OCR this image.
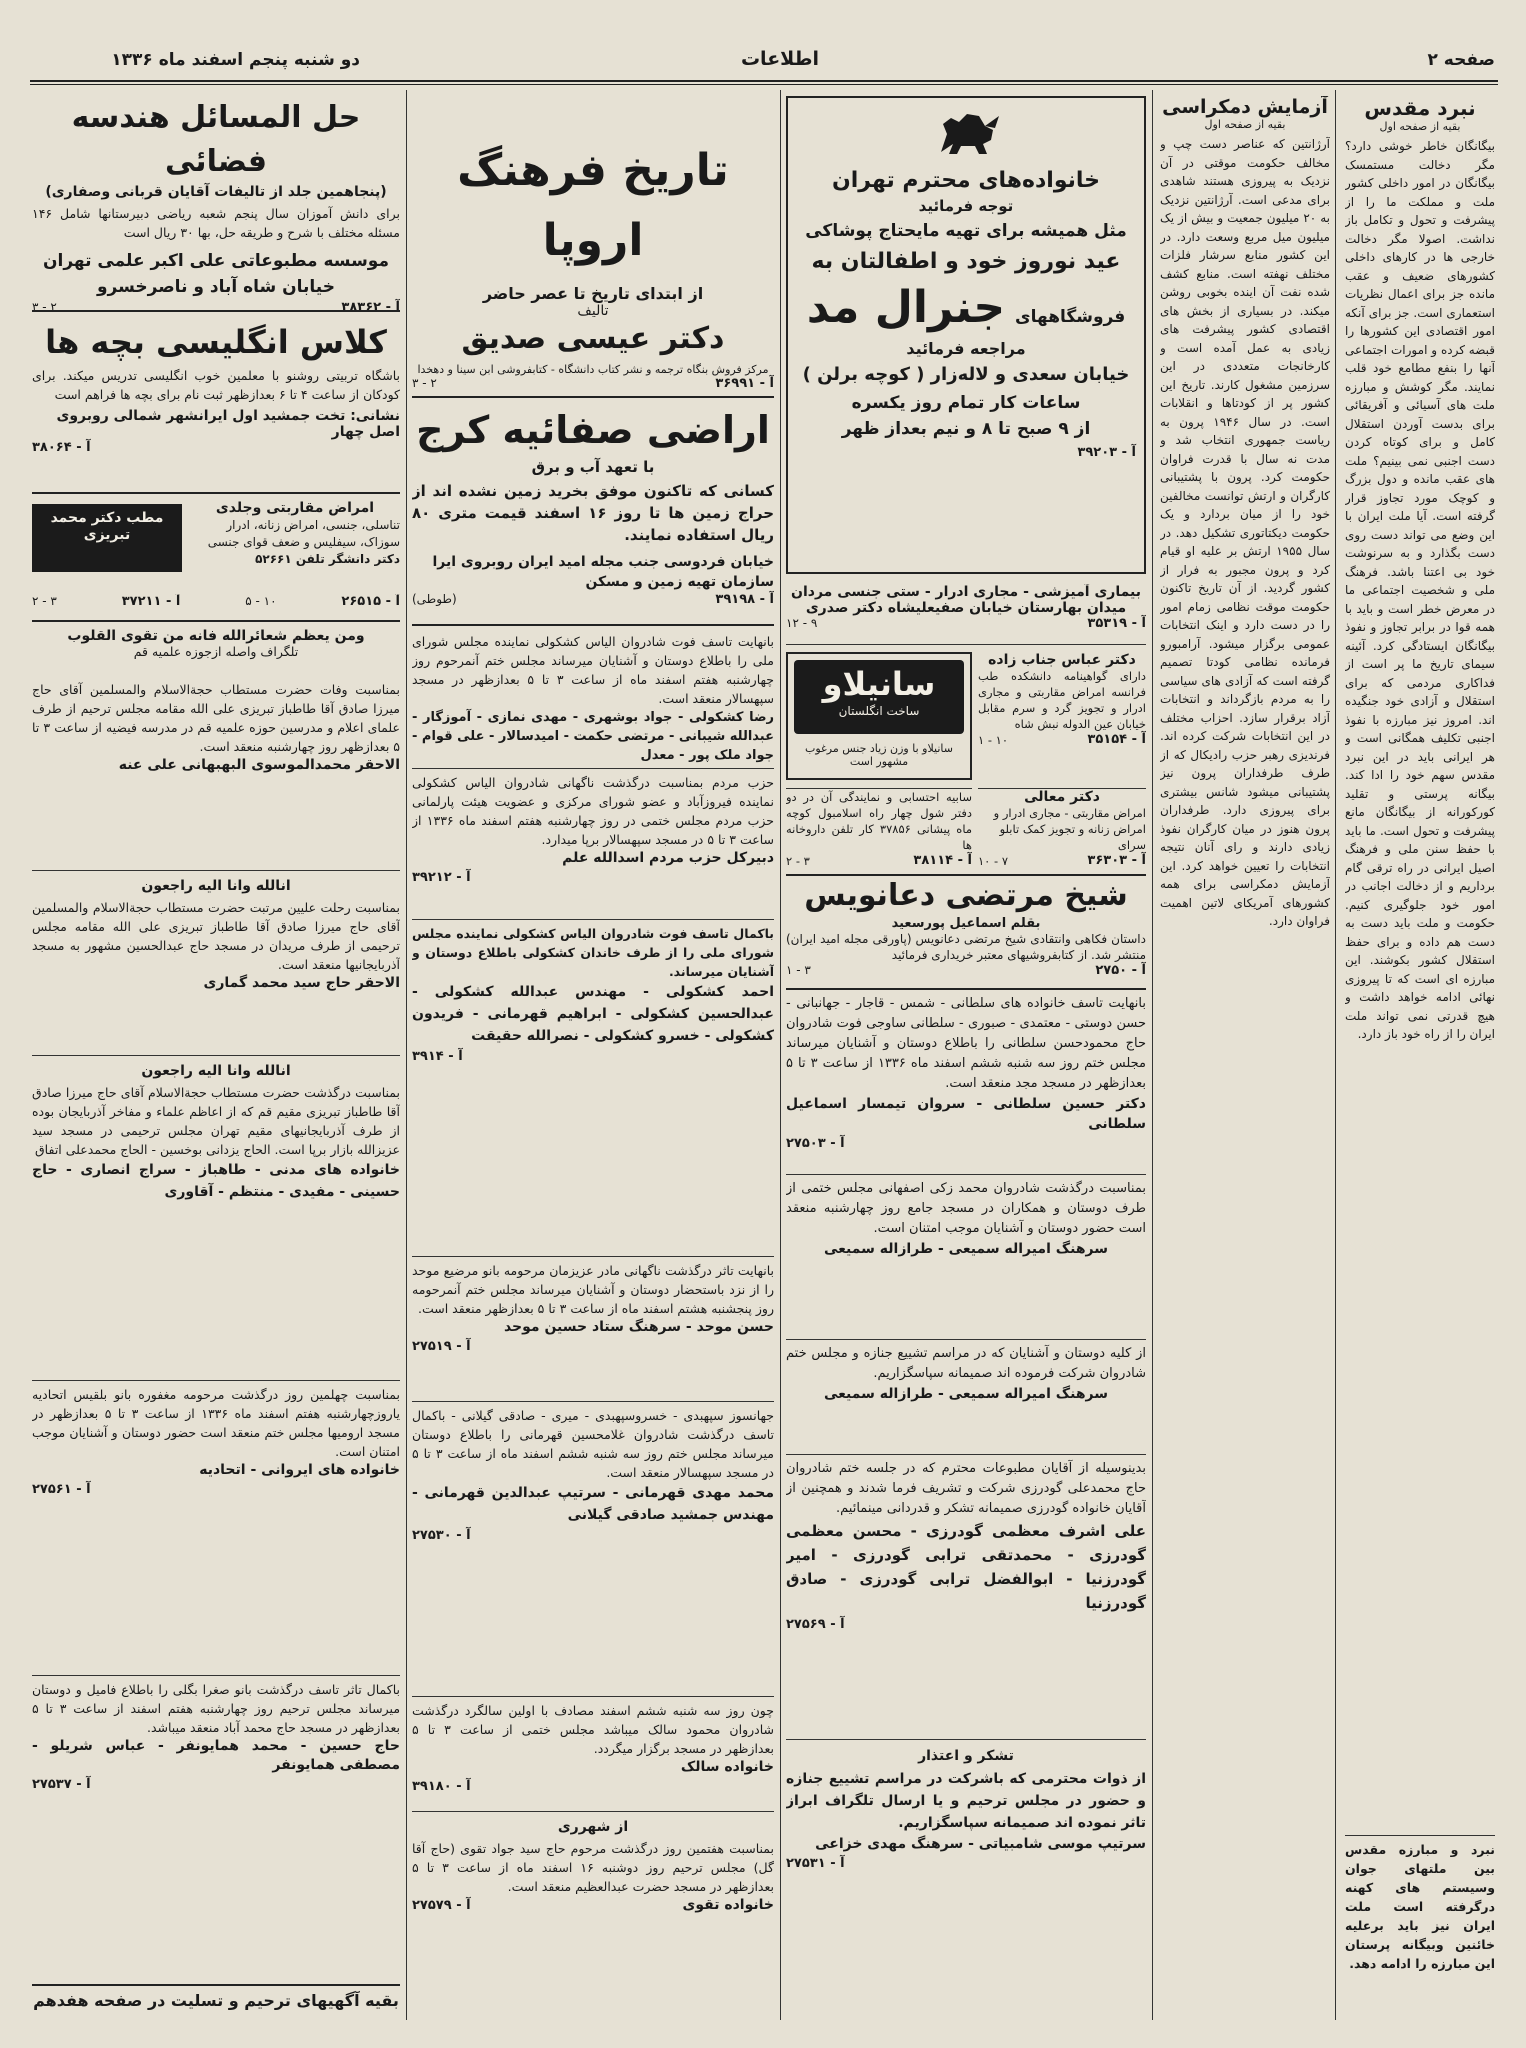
صفحه ۲
اطلاعات
دو شنبه پنجم اسفند ماه ۱۳۳۶
نبرد مقدس
بقیه از صفحه اول
بیگانگان خاطر خوشی دارد؟ مگر دخالت مستمسک بیگانگان در امور داخلی کشور ملت و مملکت ما را از پیشرفت و تحول و تکامل باز نداشت. اصولا مگر دخالت خارجی ها در کارهای داخلی کشورهای ضعیف و عقب مانده جز برای اعمال نظریات استعماری است. جز برای آنکه امور اقتصادی این کشورها را قبضه کرده و امورات اجتماعی آنها را بنفع مطامع خود قلب نمایند. مگر کوشش و مبارزه ملت های آسیائی و آفریقائی برای بدست آوردن استقلال کامل و برای کوتاه کردن دست اجنبی نمی بینیم؟ ملت های عقب مانده و دول بزرگ و کوچک مورد تجاوز قرار گرفته است. آیا ملت ایران با این وضع می تواند دست روی دست بگذارد و به سرنوشت خود بی اعتنا باشد. فرهنگ ملی و شخصیت اجتماعی ما در معرض خطر است و باید با همه قوا در برابر تجاوز و نفوذ بیگانگان ایستادگی کرد. آئینه سیمای تاریخ ما پر است از فداکاری مردمی که برای استقلال و آزادی خود جنگیده اند. امروز نیز مبارزه با نفوذ اجنبی تکلیف همگانی است و هر ایرانی باید در این نبرد مقدس سهم خود را ادا کند. بیگانه پرستی و تقلید کورکورانه از بیگانگان مانع پیشرفت و تحول است. ما باید با حفظ سنن ملی و فرهنگ اصیل ایرانی در راه ترقی گام برداریم و از دخالت اجانب در امور خود جلوگیری کنیم. حکومت و ملت باید دست به دست هم داده و برای حفظ استقلال کشور بکوشند. این مبارزه ای است که تا پیروزی نهائی ادامه خواهد داشت و هیچ قدرتی نمی تواند ملت ایران را از راه خود باز دارد.
نبرد و مبارزه مقدس بین ملتهای جوان وسیستم های کهنه درگرفته است ملت ایران نیز باید برعلیه خائنین وبیگانه پرستان این مبارزه را ادامه دهد.
آزمایش دمکراسی
بقیه از صفحه اول
آرژانتین که عناصر دست چپ و مخالف حکومت موقتی در آن نزدیک به پیروزی هستند شاهدی برای مدعی است. آرژانتین نزدیک به ۲۰ میلیون جمعیت و بیش از یک میلیون میل مربع وسعت دارد. در این کشور منابع سرشار فلزات مختلف نهفته است. منابع کشف شده نفت آن اینده بخوبی روشن میکند. در بسیاری از بخش های اقتصادی کشور پیشرفت های زیادی به عمل آمده است و کارخانجات متعددی در این سرزمین مشغول کارند. تاریخ این کشور پر از کودتاها و انقلابات است. در سال ۱۹۴۶ پرون به ریاست جمهوری انتخاب شد و مدت نه سال با قدرت فراوان حکومت کرد. پرون با پشتیبانی کارگران و ارتش توانست مخالفین خود را از میان بردارد و یک حکومت دیکتاتوری تشکیل دهد. در سال ۱۹۵۵ ارتش بر علیه او قیام کرد و پرون مجبور به فرار از کشور گردید. از آن تاریخ تاکنون حکومت موقت نظامی زمام امور را در دست دارد و اینک انتخابات عمومی برگزار میشود. آرامبورو فرمانده نظامی کودتا تصمیم گرفته است که آزادی های سیاسی را به مردم بازگرداند و انتخابات آزاد برقرار سازد. احزاب مختلف در این انتخابات شرکت کرده اند. فرندیزی رهبر حزب رادیکال که از طرف طرفداران پرون نیز پشتیبانی میشود شانس بیشتری برای پیروزی دارد. طرفداران پرون هنوز در میان کارگران نفوذ زیادی دارند و رای آنان نتیجه انتخابات را تعیین خواهد کرد. این آزمایش دمکراسی برای همه کشورهای آمریکای لاتین اهمیت فراوان دارد.
خانواده‌های محترم تهران
توجه فرمائید
مثل همیشه برای تهیه مایحتاج پوشاکی
عید نوروز خود و اطفالتان به
فروشگاههای
جنرال مد
مراجعه فرمائید
خیابان سعدی و لاله‌زار ( کوچه برلن )
ساعات کار تمام روز یکسره
از ۹ صبح تا ۸ و نیم بعداز ظهر
آ - ۳۹۲۰۳
بیماری آمیزشی - مجاری ادرار - ستی جنسی مردان
میدان بهارستان خیابان صفیعلیشاه دکتر صدری
آ - ۳۵۳۱۹
۹ - ۱۲
سانیلاو
ساخت انگلستان
سانیلاو با وزن زیاد جنس مرغوب مشهور است
دکتر عباس جناب زاده
دارای گواهینامه دانشکده طب فرانسه امراض مقاربتی و مجاری ادرار و تجویز گرد و سرم مقابل خیابان عین الدوله نبش شاه
آ - ۳۵۱۵۴
۱۰ - ۱
سابیه احتسابی و نمایندگی آن در دو دفتر شول چهار راه اسلامبول کوچه ماه پیشانی ۳۷۸۵۶ کار تلفن داروخانه ها
آ - ۳۸۱۱۴
۳ - ۲
دکتر معالی
امراض مقاربتی - مجاری ادرار و امراض زنانه و تجویز کمک تابلو سرای
آ - ۳۶۳۰۳
۷ - ۱۰
شیخ مرتضی دعانویس
بقلم اسماعیل پورسعید
داستان فکاهی وانتقادی شیخ مرتضی دعانویس (پاورقی مجله امید ایران) منتشر شد. از کتابفروشیهای معتبر خریداری فرمائید
آ - ۲۷۵۰
۳ - ۱
بانهایت تاسف خانواده های سلطانی - شمس - قاجار - جهانبانی - حسن دوستی - معتمدی - صبوری - سلطانی ساوجی فوت شادروان حاج محمودحسن سلطانی را باطلاع دوستان و آشنایان میرساند مجلس ختم روز سه شنبه ششم اسفند ماه ۱۳۳۶ از ساعت ۳ تا ۵ بعدازظهر در مسجد مجد منعقد است.
دکتر حسین سلطانی - سروان تیمسار اسماعیل سلطانی
آ - ۲۷۵۰۳
بمناسبت درگذشت شادروان محمد زکی اصفهانی مجلس ختمی از طرف دوستان و همکاران در مسجد جامع روز چهارشنبه منعقد است حضور دوستان و آشنایان موجب امتنان است.
سرهنگ امیراله سمیعی - طرازاله سمیعی
از کلیه دوستان و آشنایان که در مراسم تشییع جنازه و مجلس ختم شادروان شرکت فرموده اند صمیمانه سپاسگزاریم.
سرهنگ امیراله سمیعی - طرازاله سمیعی
بدینوسیله از آقایان مطبوعات محترم که در جلسه ختم شادروان حاج محمدعلی گودرزی شرکت و تشریف فرما شدند و همچنین از آقایان خانواده گودرزی صمیمانه تشکر و قدردانی مینمائیم.
علی اشرف معظمی گودرزی - محسن معظمی گودرزی - محمدتقی ترابی گودرزی - امیر گودرزنیا - ابوالفضل ترابی گودرزی - صادق گودرزنیا
آ - ۲۷۵۶۹
تشکر و اعتذار
از ذوات محترمی که باشرکت در مراسم تشییع جنازه و حضور در مجلس ترحیم و یا ارسال تلگراف ابراز تاثر نموده اند صمیمانه سپاسگزاریم.
سرتیپ موسی شامبیاتی - سرهنگ مهدی خزاعی
آ - ۲۷۵۳۱
تاریخ فرهنگ اروپا
از ابتدای تاریخ تا عصر حاضر
تالیف
دکتر عیسی صدیق
مرکز فروش بنگاه ترجمه و نشر کتاب دانشگاه - کتابفروشی ابن سینا و دهخدا
آ - ۳۶۹۹۱
۲ - ۳
اراضی صفائیه کرج
با تعهد آب و برق
کسانی که تاکنون موفق بخرید زمین نشده اند از حراج زمین ها تا روز ۱۶ اسفند قیمت متری ۸۰ ریال استفاده نمایند.
خیابان فردوسی جنب مجله امید ایران روبروی ایرا سازمان تهیه زمین و مسکن
آ - ۳۹۱۹۸
(طوطی)
بانهایت تاسف فوت شادروان الیاس کشکولی نماینده مجلس شورای ملی را باطلاع دوستان و آشنایان میرساند مجلس ختم آنمرحوم روز چهارشنبه هفتم اسفند ماه از ساعت ۳ تا ۵ بعدازظهر در مسجد سپهسالار منعقد است.
رضا کشکولی - جواد بوشهری - مهدی نمازی - آموزگار - عبدالله شیبانی - مرتضی حکمت - امیدسالار - علی قوام - جواد ملک پور - معدل
حزب مردم بمناسبت درگذشت ناگهانی شادروان الیاس کشکولی نماینده فیروزآباد و عضو شورای مرکزی و عضویت هیئت پارلمانی حزب مردم مجلس ختمی در روز چهارشنبه هفتم اسفند ماه ۱۳۳۶ از ساعت ۳ تا ۵ در مسجد سپهسالار برپا میدارد.
دبیرکل حزب مردم اسدالله علم
آ - ۳۹۲۱۲
باکمال تاسف فوت شادروان الیاس کشکولی نماینده مجلس شورای ملی را از طرف خاندان کشکولی باطلاع دوستان و آشنایان میرساند.
احمد کشکولی - مهندس عبدالله کشکولی - عبدالحسین کشکولی - ابراهیم قهرمانی - فریدون کشکولی - خسرو کشکولی - نصرالله حقیقت
آ - ۳۹۱۴
بانهایت تاثر درگذشت ناگهانی مادر عزیزمان مرحومه بانو مرضیع موحد را از نزد باستحضار دوستان و آشنایان میرساند مجلس ختم آنمرحومه روز پنجشنبه هشتم اسفند ماه از ساعت ۳ تا ۵ بعدازظهر منعقد است.
حسن موحد - سرهنگ ستاد حسین موحد
آ - ۲۷۵۱۹
جهانسوز سپهبدی - خسروسپهبدی - میری - صادقی گیلانی - باکمال تاسف درگذشت شادروان غلامحسین قهرمانی را باطلاع دوستان میرساند مجلس ختم روز سه شنبه ششم اسفند ماه از ساعت ۳ تا ۵ در مسجد سپهسالار منعقد است.
محمد مهدی قهرمانی - سرتیپ عبدالدین قهرمانی - مهندس جمشید صادقی گیلانی
آ - ۲۷۵۳۰
چون روز سه شنبه ششم اسفند مصادف با اولین سالگرد درگذشت شادروان محمود سالک میباشد مجلس ختمی از ساعت ۳ تا ۵ بعدازظهر در مسجد برگزار میگردد.
خانواده سالک
آ - ۳۹۱۸۰
از شهرری
بمناسبت هفتمین روز درگذشت مرحوم حاج سید جواد تقوی (حاج آقا گل) مجلس ترحیم روز دوشنبه ۱۶ اسفند ماه از ساعت ۳ تا ۵ بعدازظهر در مسجد حضرت عبدالعظیم منعقد است.
خانواده تقوی
آ - ۲۷۵۷۹
حل المسائل هندسه فضائی
(پنجاهمین جلد از تالیفات آقایان قربانی وصفاری)
برای دانش آموزان سال پنجم شعبه ریاضی دبیرستانها شامل ۱۴۶ مسئله مختلف با شرح و طریقه حل، بها ۳۰ ریال است
موسسه مطبوعاتی علی اکبر علمی تهران خیابان شاه آباد و ناصرخسرو
آ - ۳۸۳۶۲
۲ - ۳
کلاس انگلیسی بچه ها
باشگاه تربیتی روشنو با معلمین خوب انگلیسی تدریس میکند. برای کودکان از ساعت ۴ تا ۶ بعدازظهر ثبت نام برای بچه ها فراهم است
نشانی: تخت جمشید اول ایرانشهر شمالی روبروی اصل چهار
آ - ۳۸۰۶۴
مطب دکتر محمد تبریزی
امراض مقاربتی وجلدی
تناسلی، جنسی، امراض زنانه، ادرار سوزاک، سیفلیس و ضعف قوای جنسی
دکتر دانشگر تلفن ۵۲۶۶۱
آ - ۲۶۵۱۵
۱۰ - ۵
آ - ۳۷۲۱۱
۳ - ۲
ومن یعظم شعائرالله فانه من تقوی القلوب
تلگراف واصله ازجوزه علمیه قم
بمناسبت وفات حضرت مستطاب حجةالاسلام والمسلمین آقای حاج میرزا صادق آقا طاطباز تبریزی علی الله مقامه مجلس ترحیم از طرف علمای اعلام و مدرسین حوزه علمیه قم در مدرسه فیضیه از ساعت ۳ تا ۵ بعدازظهر روز چهارشنبه منعقد است.
الاحقر محمدالموسوی البهبهانی علی عنه
انالله وانا الیه راجعون
بمناسبت رحلت علیین مرتبت حضرت مستطاب حجةالاسلام والمسلمین آقای حاج میرزا صادق آقا طاطباز تبریزی علی الله مقامه مجلس ترحیمی از طرف مریدان در مسجد حاج عبدالحسین مشهور به مسجد آذربایجانیها منعقد است.
الاحقر حاج سید محمد گماری
انالله وانا الیه راجعون
بمناسبت درگذشت حضرت مستطاب حجةالاسلام آقای حاج میرزا صادق آقا طاطباز تبریزی مقیم قم که از اعاظم علماء و مفاخر آذربایجان بوده از طرف آذربایجانیهای مقیم تهران مجلس ترحیمی در مسجد سید عزیزالله بازار برپا است. الحاج یزدانی بوخسین - الحاج محمدعلی اتفاق
خانواده های مدنی - طاهباز - سراج انصاری - حاج حسینی - مفیدی - منتظم - آقاوری
بمناسبت چهلمین روز درگذشت مرحومه مغفوره بانو بلقیس اتحادیه یاروزچهارشنبه هفتم اسفند ماه ۱۳۳۶ از ساعت ۳ تا ۵ بعدازظهر در مسجد ارومیها مجلس ختم منعقد است حضور دوستان و آشنایان موجب امتنان است.
خانواده های ایروانی - اتحادیه
آ - ۲۷۵۶۱
باکمال تاثر تاسف درگذشت بانو صغرا بگلی را باطلاع فامیل و دوستان میرساند مجلس ترحیم روز چهارشنبه هفتم اسفند از ساعت ۳ تا ۵ بعدازظهر در مسجد حاج محمد آباد منعقد میباشد.
حاج حسین - محمد همایونفر - عباس شریلو - مصطفی همایونفر
آ - ۲۷۵۳۷
بقیه آگهیهای ترحیم و تسلیت در صفحه هفدهم
